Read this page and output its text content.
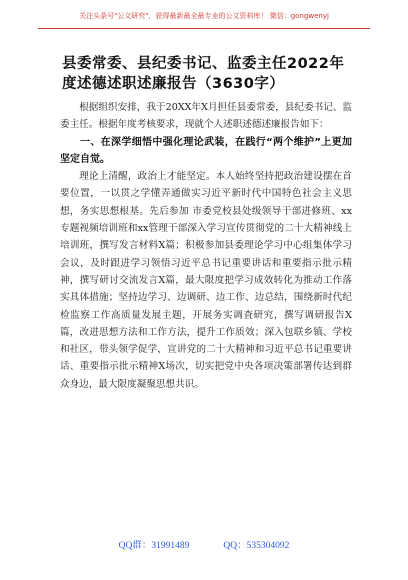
关注头条号"公文研究"，获得最新最全最专业的公文资料库！ 微信：gongwenyj
县委常委、县纪委书记、监委主任2022年度述德述职述廉报告（3630字）

根据组织安排，我于20XX年X月担任县委常委，县纪委书记、监委主任。根据年度考核要求，现就个人述职述德述廉报告如下：

一、在深学细悟中强化理论武装，在践行“两个维护”上更加坚定自觉。

理论上清醒，政治上才能坚定。本人始终坚持把政治建设摆在首要位置，一以贯之学懂弄通做实习近平新时代中国特色社会主义思想，务实思想根基。先后参加 市委党校县处级领导干部进修班、xx专题视频培训班和xx管理干部深入学习宣传贯彻党的二十大精神线上培训班，撰写发言材料X篇；积极参加县委理论学习中心组集体学习会议，及时跟进学习领悟习近平总书记重要讲话和重要指示批示精神，撰写研讨交流发言X篇，最大限度把学习成效转化为推动工作落实具体措施；坚持边学习、边调研、边工作、边总结，围绕新时代纪检监察工作高质量发展主题，开展务实调査研究，撰写调研报告X篇，改进思想方法和工作方法，提升工作质效；深入包联乡镇、学校和社区，带头领学促学，宣讲党的二十大精神和习近平总书记重要讲话、重要指示批示精神X场次，切实把党中央各项决策部署传达到群众身边，最大限度凝聚思想共识。

QQ群：31991489	QQ：535304092
